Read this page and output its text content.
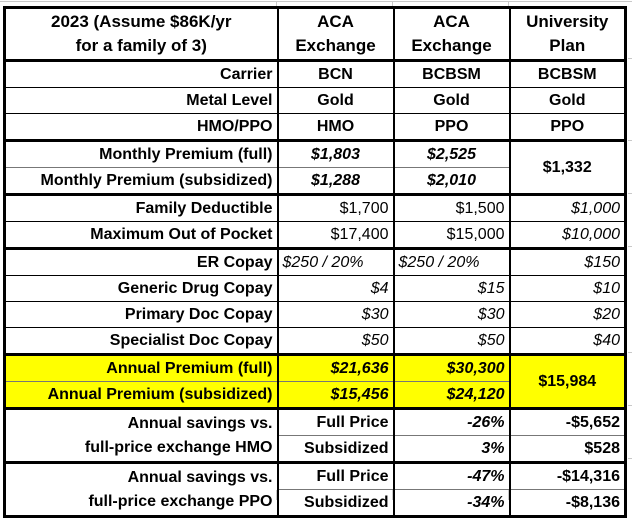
2023 (Assume $86K/yr
for a family of 3)	ACA
Exchange	ACA
Exchange	University
Plan

Carrier	BCN	BCBSM	BCBSM
Metal Level	Gold	Gold	Gold
HMO/PPO	HMO	PPO	PPO
Monthly Premium (full)	$1,803	$2,525	$1,332
Monthly Premium (subsidized)	$1,288	$2,010	
Family Deductible	$1,700	$1,500	$1,000
Maximum Out of Pocket	$17,400	$15,000	$10,000
ER Copay	$250 / 20%	$250 / 20%	$150
Generic Drug Copay	$4	$15	$10
Primary Doc Copay	$30	$30	$20
Specialist Doc Copay	$50	$50	$40
Annual Premium (full)	$21,636	$30,300	$15,984
Annual Premium (subsidized)	$15,456	$24,120	

Annual savings vs.
full-price exchange HMO	Full Price	-26%	-$5,652
	Subsidized	3%	$528

Annual savings vs.
full-price exchange PPO	Full Price	-47%	-$14,316
	Subsidized	-34%	-$8,136
